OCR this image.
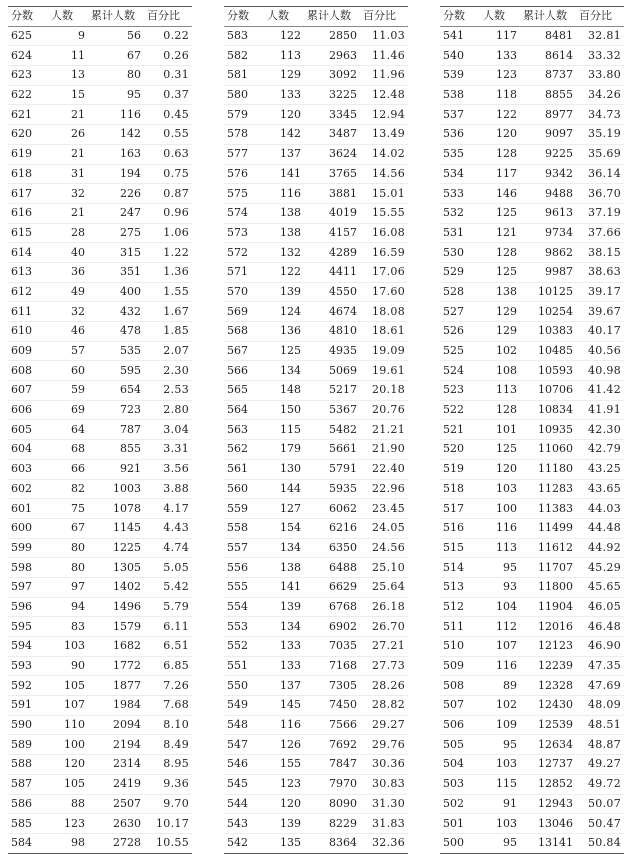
分数	人数	累计人数	百分比
625	9	56	0.22
624	11	67	0.26
623	13	80	0.31
622	15	95	0.37
621	21	116	0.45
620	26	142	0.55
619	21	163	0.63
618	31	194	0.75
617	32	226	0.87
616	21	247	0.96
615	28	275	1.06
614	40	315	1.22
613	36	351	1.36
612	49	400	1.55
611	32	432	1.67
610	46	478	1.85
609	57	535	2.07
608	60	595	2.30
607	59	654	2.53
606	69	723	2.80
605	64	787	3.04
604	68	855	3.31
603	66	921	3.56
602	82	1003	3.88
601	75	1078	4.17
600	67	1145	4.43
599	80	1225	4.74
598	80	1305	5.05
597	97	1402	5.42
596	94	1496	5.79
595	83	1579	6.11
594	103	1682	6.51
593	90	1772	6.85
592	105	1877	7.26
591	107	1984	7.68
590	110	2094	8.10
589	100	2194	8.49
588	120	2314	8.95
587	105	2419	9.36
586	88	2507	9.70
585	123	2630	10.17
584	98	2728	10.55
分数	人数	累计人数	百分比
583	122	2850	11.03
582	113	2963	11.46
581	129	3092	11.96
580	133	3225	12.48
579	120	3345	12.94
578	142	3487	13.49
577	137	3624	14.02
576	141	3765	14.56
575	116	3881	15.01
574	138	4019	15.55
573	138	4157	16.08
572	132	4289	16.59
571	122	4411	17.06
570	139	4550	17.60
569	124	4674	18.08
568	136	4810	18.61
567	125	4935	19.09
566	134	5069	19.61
565	148	5217	20.18
564	150	5367	20.76
563	115	5482	21.21
562	179	5661	21.90
561	130	5791	22.40
560	144	5935	22.96
559	127	6062	23.45
558	154	6216	24.05
557	134	6350	24.56
556	138	6488	25.10
555	141	6629	25.64
554	139	6768	26.18
553	134	6902	26.70
552	133	7035	27.21
551	133	7168	27.73
550	137	7305	28.26
549	145	7450	28.82
548	116	7566	29.27
547	126	7692	29.76
546	155	7847	30.36
545	123	7970	30.83
544	120	8090	31.30
543	139	8229	31.83
542	135	8364	32.36
分数	人数	累计人数	百分比
541	117	8481	32.81
540	133	8614	33.32
539	123	8737	33.80
538	118	8855	34.26
537	122	8977	34.73
536	120	9097	35.19
535	128	9225	35.69
534	117	9342	36.14
533	146	9488	36.70
532	125	9613	37.19
531	121	9734	37.66
530	128	9862	38.15
529	125	9987	38.63
528	138	10125	39.17
527	129	10254	39.67
526	129	10383	40.17
525	102	10485	40.56
524	108	10593	40.98
523	113	10706	41.42
522	128	10834	41.91
521	101	10935	42.30
520	125	11060	42.79
519	120	11180	43.25
518	103	11283	43.65
517	100	11383	44.03
516	116	11499	44.48
515	113	11612	44.92
514	95	11707	45.29
513	93	11800	45.65
512	104	11904	46.05
511	112	12016	46.48
510	107	12123	46.90
509	116	12239	47.35
508	89	12328	47.69
507	102	12430	48.09
506	109	12539	48.51
505	95	12634	48.87
504	103	12737	49.27
503	115	12852	49.72
502	91	12943	50.07
501	103	13046	50.47
500	95	13141	50.84
